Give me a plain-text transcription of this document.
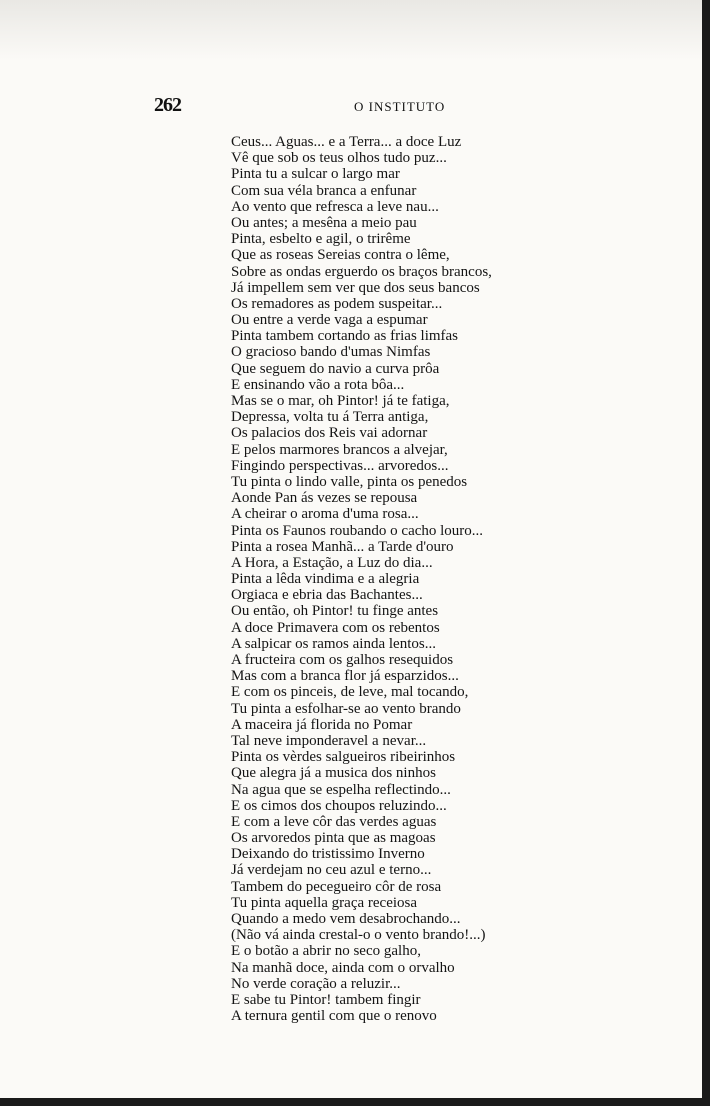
262	O INSTITUTO
Ceus... Aguas... e a Terra... a doce Luz
Vê que sob os teus olhos tudo puz...
Pinta tu a sulcar o largo mar
Com sua véla branca a enfunar
Ao vento que refresca a leve nau...
Ou antes; a mesêna a meio pau
Pinta, esbelto e agil, o trirême
Que as roseas Sereias contra o lême,
Sobre as ondas erguerdo os braços brancos,
Já impellem sem ver que dos seus bancos
Os remadores as podem suspeitar...
Ou entre a verde vaga a espumar
Pinta tambem cortando as frias limfas
O gracioso bando d'umas Nimfas
Que seguem do navio a curva prôa
E ensinando vão a rota bôa...
Mas se o mar, oh Pintor! já te fatiga,
Depressa, volta tu á Terra antiga,
Os palacios dos Reis vai adornar
E pelos marmores brancos a alvejar,
Fingindo perspectivas... arvoredos...
Tu pinta o lindo valle, pinta os penedos
Aonde Pan ás vezes se repousa
A cheirar o aroma d'uma rosa...
Pinta os Faunos roubando o cacho louro...
Pinta a rosea Manhã... a Tarde d'ouro
A Hora, a Estação, a Luz do dia...
Pinta a lêda vindima e a alegria
Orgiaca e ebria das Bachantes...
Ou então, oh Pintor! tu finge antes
A doce Primavera com os rebentos
A salpicar os ramos ainda lentos...
A fructeira com os galhos resequidos
Mas com a branca flor já esparzidos...
E com os pinceis, de leve, mal tocando,
Tu pinta a esfolhar-se ao vento brando
A maceira já florida no Pomar
Tal neve imponderavel a nevar...
Pinta os vèrdes salgueiros ribeirinhos
Que alegra já a musica dos ninhos
Na agua que se espelha reflectindo...
E os cimos dos choupos reluzindo...
E com a leve côr das verdes aguas
Os arvoredos pinta que as magoas
Deixando do tristissimo Inverno
Já verdejam no ceu azul e terno...
Tambem do pecegueiro côr de rosa
Tu pinta aquella graça receiosa
Quando a medo vem desabrochando...
(Não vá ainda crestal-o o vento brando!...)
E o botão a abrir no seco galho,
Na manhã doce, ainda com o orvalho
No verde coração a reluzir...
E sabe tu Pintor! tambem fingir
A ternura gentil com que o renovo
